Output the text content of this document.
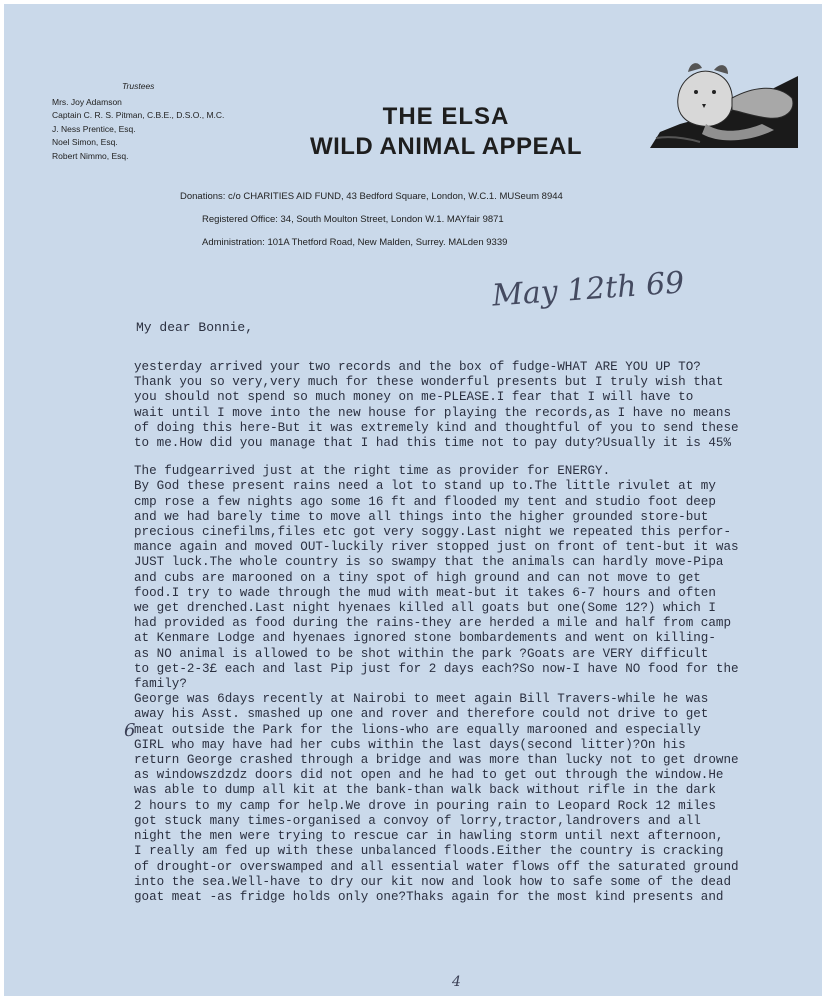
Trustees
Mrs. Joy Adamson
Captain C. R. S. Pitman, C.B.E., D.S.O., M.C.
J. Ness Prentice, Esq.
Noel Simon, Esq.
Robert Nimmo, Esq.
THE ELSA
WILD ANIMAL APPEAL
Donations: c/o CHARITIES AID FUND, 43 Bedford Square, London, W.C.1. MUSeum 8944
Registered Office: 34, South Moulton Street, London W.1. MAYfair 9871
Administration: 101A Thetford Road, New Malden, Surrey. MALden 9339
May 12th 69
My dear Bonnie,
yesterday arrived your two records and the box of fudge-WHAT ARE YOU UP TO?
Thank you so very,very much for these wonderful presents but I truly wish that
you should not spend so much money on me-PLEASE.I fear that I will have to
wait until I move into the new house for playing the records,as I have no means
of doing this here-But it was extremely kind and thoughtful of you to send these
to me.How did you manage that I had this time not to pay duty?Usually it is 45%
The fudgearrived just at the right time as provider for ENERGY.
By God these present rains need a lot to stand up to.The little rivulet at my
cmp rose a few nights ago some 16 ft and flooded my tent and studio foot deep
and we had barely time to move all things into the higher grounded store-but
precious cinefilms,files etc got very soggy.Last night we repeated this perfor-
mance again and moved OUT-luckily river stopped just on front of tent-but it was
JUST luck.The whole country is so swampy that the animals can hardly move-Pipa
and cubs are marooned on a tiny spot of high ground and can not move to get
food.I try to wade through the mud with meat-but it takes 6-7 hours and often
we get drenched.Last night hyenaes killed all goats but one(Some 12?) which I
had provided as food during the rains-they are herded a mile and half from camp
at Kenmare Lodge and hyenaes ignored stone bombardements and went on killing-
as NO animal is allowed to be shot within the park ?Goats are VERY difficult
to get-2-3£ each and last Pip just for 2 days each?So now-I have NO food for the
family?
George was 6days recently at Nairobi to meet again Bill Travers-while he was
away his Asst. smashed up one and rover and therefore could not drive to get
meat outside the Park for the lions-who are equally marooned and especially
GIRL who may have had her cubs within the last days(second litter)?On his
return George crashed through a bridge and was more than lucky not to get drowne
as windowszdzdz doors did not open and he had to get out through the window.He
was able to dump all kit at the bank-than walk back without rifle in the dark
2 hours to my camp for help.We drove in pouring rain to Leopard Rock 12 miles
got stuck many times-organised a convoy of lorry,tractor,landrovers and all
night the men were trying to rescue car in hawling storm until next afternoon,
I really am fed up with these unbalanced floods.Either the country is cracking
of drought-or overswamped and all essential water flows off the saturated ground
into the sea.Well-have to dry our kit now and look how to safe some of the dead
goat meat -as fridge holds only one?Thaks again for the most kind presents and
6
4
